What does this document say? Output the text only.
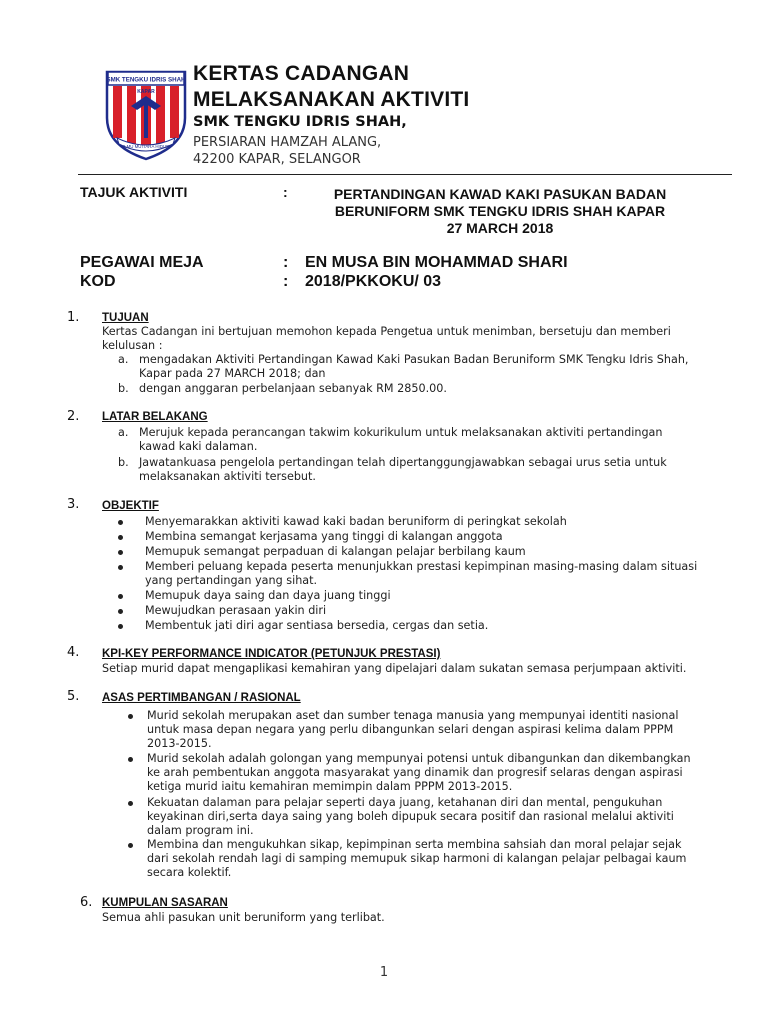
SMK TENGKU IDRIS SHAH
KAPAR
ILMU MUTIARA HIDUP
KERTAS CADANGAN
MELAKSANAKAN AKTIVITI
SMK TENGKU IDRIS SHAH,
PERSIARAN HAMZAH ALANG,
42200 KAPAR, SELANGOR
TAJUK AKTIVITI	:	PERTANDINGAN KAWAD KAKI PASUKAN BADAN
BERUNIFORM SMK TENGKU IDRIS SHAH KAPAR
27 MARCH 2018
PEGAWAI MEJA	: EN MUSA BIN MOHAMMAD SHARI
KOD	: 2018/PKKOKU/ 03
1. TUJUAN
Kertas Cadangan ini bertujuan memohon kepada Pengetua untuk menimban, bersetuju dan memberi
kelulusan :
a. mengadakan Aktiviti Pertandingan Kawad Kaki Pasukan Badan Beruniform SMK Tengku Idris Shah,
Kapar pada 27 MARCH 2018; dan
b. dengan anggaran perbelanjaan sebanyak RM 2850.00.
2. LATAR BELAKANG
a. Merujuk kepada perancangan takwim kokurikulum untuk melaksanakan aktiviti pertandingan
kawad kaki dalaman.
b. Jawatankuasa pengelola pertandingan telah dipertanggungjawabkan sebagai urus setia untuk
melaksanakan aktiviti tersebut.
3. OBJEKTIF
Menyemarakkan aktiviti kawad kaki badan beruniform di peringkat sekolah
Membina semangat kerjasama yang tinggi di kalangan anggota
Memupuk semangat perpaduan di kalangan pelajar berbilang kaum
Memberi peluang kepada peserta menunjukkan prestasi kepimpinan masing-masing dalam situasi
yang pertandingan yang sihat.
Memupuk daya saing dan daya juang tinggi
Mewujudkan perasaan yakin diri
Membentuk jati diri agar sentiasa bersedia, cergas dan setia.
4. KPI-KEY PERFORMANCE INDICATOR (PETUNJUK PRESTASI)
Setiap murid dapat mengaplikasi kemahiran yang dipelajari dalam sukatan semasa perjumpaan aktiviti.
5. ASAS PERTIMBANGAN / RASIONAL
Murid sekolah merupakan aset dan sumber tenaga manusia yang mempunyai identiti nasional
untuk masa depan negara yang perlu dibangunkan selari dengan aspirasi kelima dalam PPPM
2013-2015.
Murid sekolah adalah golongan yang mempunyai potensi untuk dibangunkan dan dikembangkan
ke arah pembentukan anggota masyarakat yang dinamik dan progresif selaras dengan aspirasi
ketiga murid iaitu kemahiran memimpin dalam PPPM 2013-2015.
Kekuatan dalaman para pelajar seperti daya juang, ketahanan diri dan mental, pengukuhan
keyakinan diri,serta daya saing yang boleh dipupuk secara positif dan rasional melalui aktiviti
dalam program ini.
Membina dan mengukuhkan sikap, kepimpinan serta membina sahsiah dan moral pelajar sejak
dari sekolah rendah lagi di samping memupuk sikap harmoni di kalangan pelajar pelbagai kaum
secara kolektif.
6. KUMPULAN SASARAN
Semua ahli pasukan unit beruniform yang terlibat.
1
